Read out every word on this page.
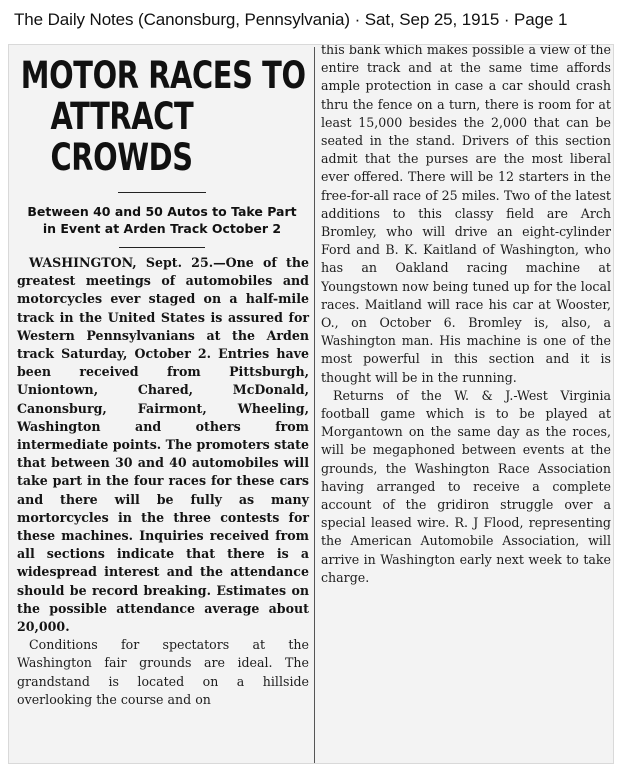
The Daily Notes (Canonsburg, Pennsylvania) · Sat, Sep 25, 1915 · Page 1
MOTOR RACES TO
ATTRACT CROWDS
Between 40 and 50 Autos to Take Part in Event at Arden Track October 2

WASHINGTON, Sept. 25.—One of the greatest meetings of automobiles and motorcycles ever staged on a half-mile track in the United States is assured for Western Pennsylvanians at the Arden track Saturday, October 2. Entries have been received from Pittsburgh, Uniontown, Chared, McDonald, Canonsburg, Fairmont, Wheeling, Washington and others from intermediate points. The promoters state that between 30 and 40 automobiles will take part in the four races for these cars and there will be fully as many mortorcycles in the three contests for these machines. Inquiries received from all sections indicate that there is a widespread interest and the attendance should be record breaking. Estimates on the possible attendance average about 20,000.

Conditions for spectators at the Washington fair grounds are ideal. The grandstand is located on a hillside overlooking the course and on

this bank which makes possible a view of the entire track and at the same time affords ample protection in case a car should crash thru the fence on a turn, there is room for at least 15,000 besides the 2,000 that can be seated in the stand. Drivers of this section admit that the purses are the most liberal ever offered. There will be 12 starters in the free-for-all race of 25 miles. Two of the latest additions to this classy field are Arch Bromley, who will drive an eight-cylinder Ford and B. K. Kaitland of Washington, who has an Oakland racing machine at Youngstown now being tuned up for the local races. Maitland will race his car at Wooster, O., on October 6. Bromley is, also, a Washington man. His machine is one of the most powerful in this section and it is thought will be in the running.

Returns of the W. & J.-West Virginia football game which is to be played at Morgantown on the same day as the roces, will be megaphoned between events at the grounds, the Washington Race Association having arranged to receive a complete account of the gridiron struggle over a special leased wire. R. J Flood, representing the American Automobile Association, will arrive in Washington early next week to take charge.
